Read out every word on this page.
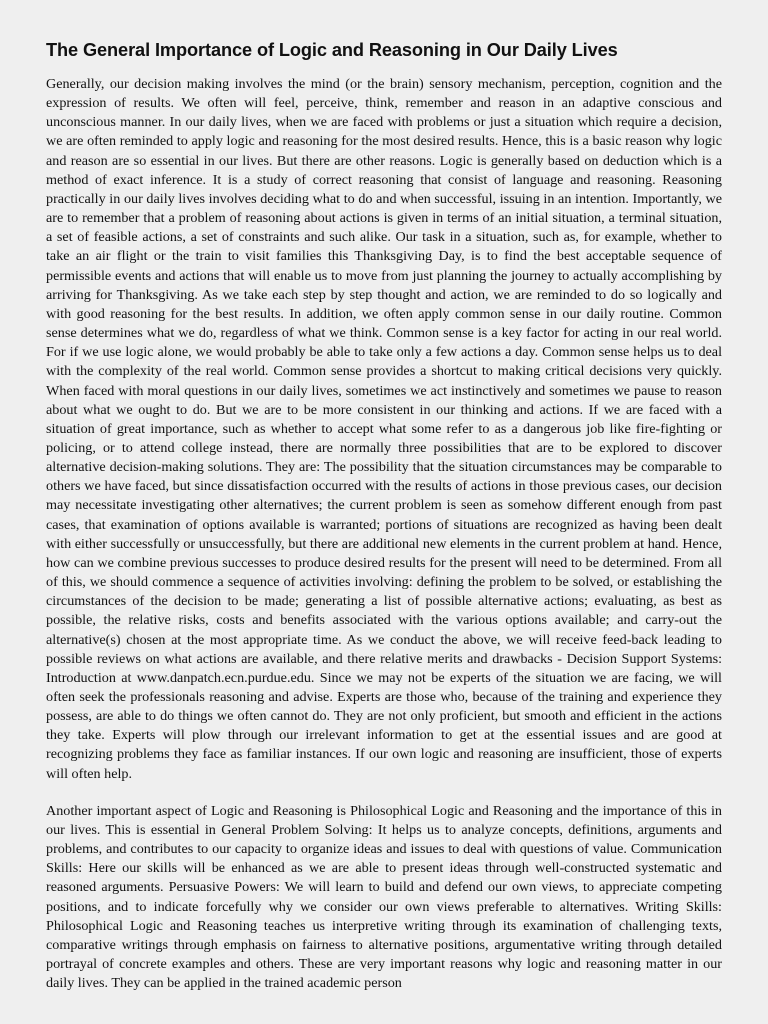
The General Importance of Logic and Reasoning in Our Daily Lives

Generally, our decision making involves the mind (or the brain) sensory mechanism, perception, cognition and the expression of results. We often will feel, perceive, think, remember and reason in an adaptive conscious and unconscious manner. In our daily lives, when we are faced with problems or just a situation which require a decision, we are often reminded to apply logic and reasoning for the most desired results. Hence, this is a basic reason why logic and reason are so essential in our lives. But there are other reasons. Logic is generally based on deduction which is a method of exact inference. It is a study of correct reasoning that consist of language and reasoning. Reasoning practically in our daily lives involves deciding what to do and when successful, issuing in an intention. Importantly, we are to remember that a problem of reasoning about actions is given in terms of an initial situation, a terminal situation, a set of feasible actions, a set of constraints and such alike. Our task in a situation, such as, for example, whether to take an air flight or the train to visit families this Thanksgiving Day, is to find the best acceptable sequence of permissible events and actions that will enable us to move from just planning the journey to actually accomplishing by arriving for Thanksgiving. As we take each step by step thought and action, we are reminded to do so logically and with good reasoning for the best results. In addition, we often apply common sense in our daily routine. Common sense determines what we do, regardless of what we think. Common sense is a key factor for acting in our real world. For if we use logic alone, we would probably be able to take only a few actions a day. Common sense helps us to deal with the complexity of the real world. Common sense provides a shortcut to making critical decisions very quickly. When faced with moral questions in our daily lives, sometimes we act instinctively and sometimes we pause to reason about what we ought to do. But we are to be more consistent in our thinking and actions. If we are faced with a situation of great importance, such as whether to accept what some refer to as a dangerous job like fire-fighting or policing, or to attend college instead, there are normally three possibilities that are to be explored to discover alternative decision-making solutions. They are: The possibility that the situation circumstances may be comparable to others we have faced, but since dissatisfaction occurred with the results of actions in those previous cases, our decision may necessitate investigating other alternatives; the current problem is seen as somehow different enough from past cases, that examination of options available is warranted; portions of situations are recognized as having been dealt with either successfully or unsuccessfully, but there are additional new elements in the current problem at hand. Hence, how can we combine previous successes to produce desired results for the present will need to be determined. From all of this, we should commence a sequence of activities involving: defining the problem to be solved, or establishing the circumstances of the decision to be made; generating a list of possible alternative actions; evaluating, as best as possible, the relative risks, costs and benefits associated with the various options available; and carry-out the alternative(s) chosen at the most appropriate time. As we conduct the above, we will receive feed-back leading to possible reviews on what actions are available, and there relative merits and drawbacks - Decision Support Systems: Introduction at www.danpatch.ecn.purdue.edu. Since we may not be experts of the situation we are facing, we will often seek the professionals reasoning and advise. Experts are those who, because of the training and experience they possess, are able to do things we often cannot do. They are not only proficient, but smooth and efficient in the actions they take. Experts will plow through our irrelevant information to get at the essential issues and are good at recognizing problems they face as familiar instances. If our own logic and reasoning are insufficient, those of experts will often help.

Another important aspect of Logic and Reasoning is Philosophical Logic and Reasoning and the importance of this in our lives. This is essential in General Problem Solving: It helps us to analyze concepts, definitions, arguments and problems, and contributes to our capacity to organize ideas and issues to deal with questions of value. Communication Skills: Here our skills will be enhanced as we are able to present ideas through well-constructed systematic and reasoned arguments. Persuasive Powers: We will learn to build and defend our own views, to appreciate competing positions, and to indicate forcefully why we consider our own views preferable to alternatives. Writing Skills: Philosophical Logic and Reasoning teaches us interpretive writing through its examination of challenging texts, comparative writings through emphasis on fairness to alternative positions, argumentative writing through detailed portrayal of concrete examples and others. These are very important reasons why logic and reasoning matter in our daily lives. They can be applied in the trained academic person
